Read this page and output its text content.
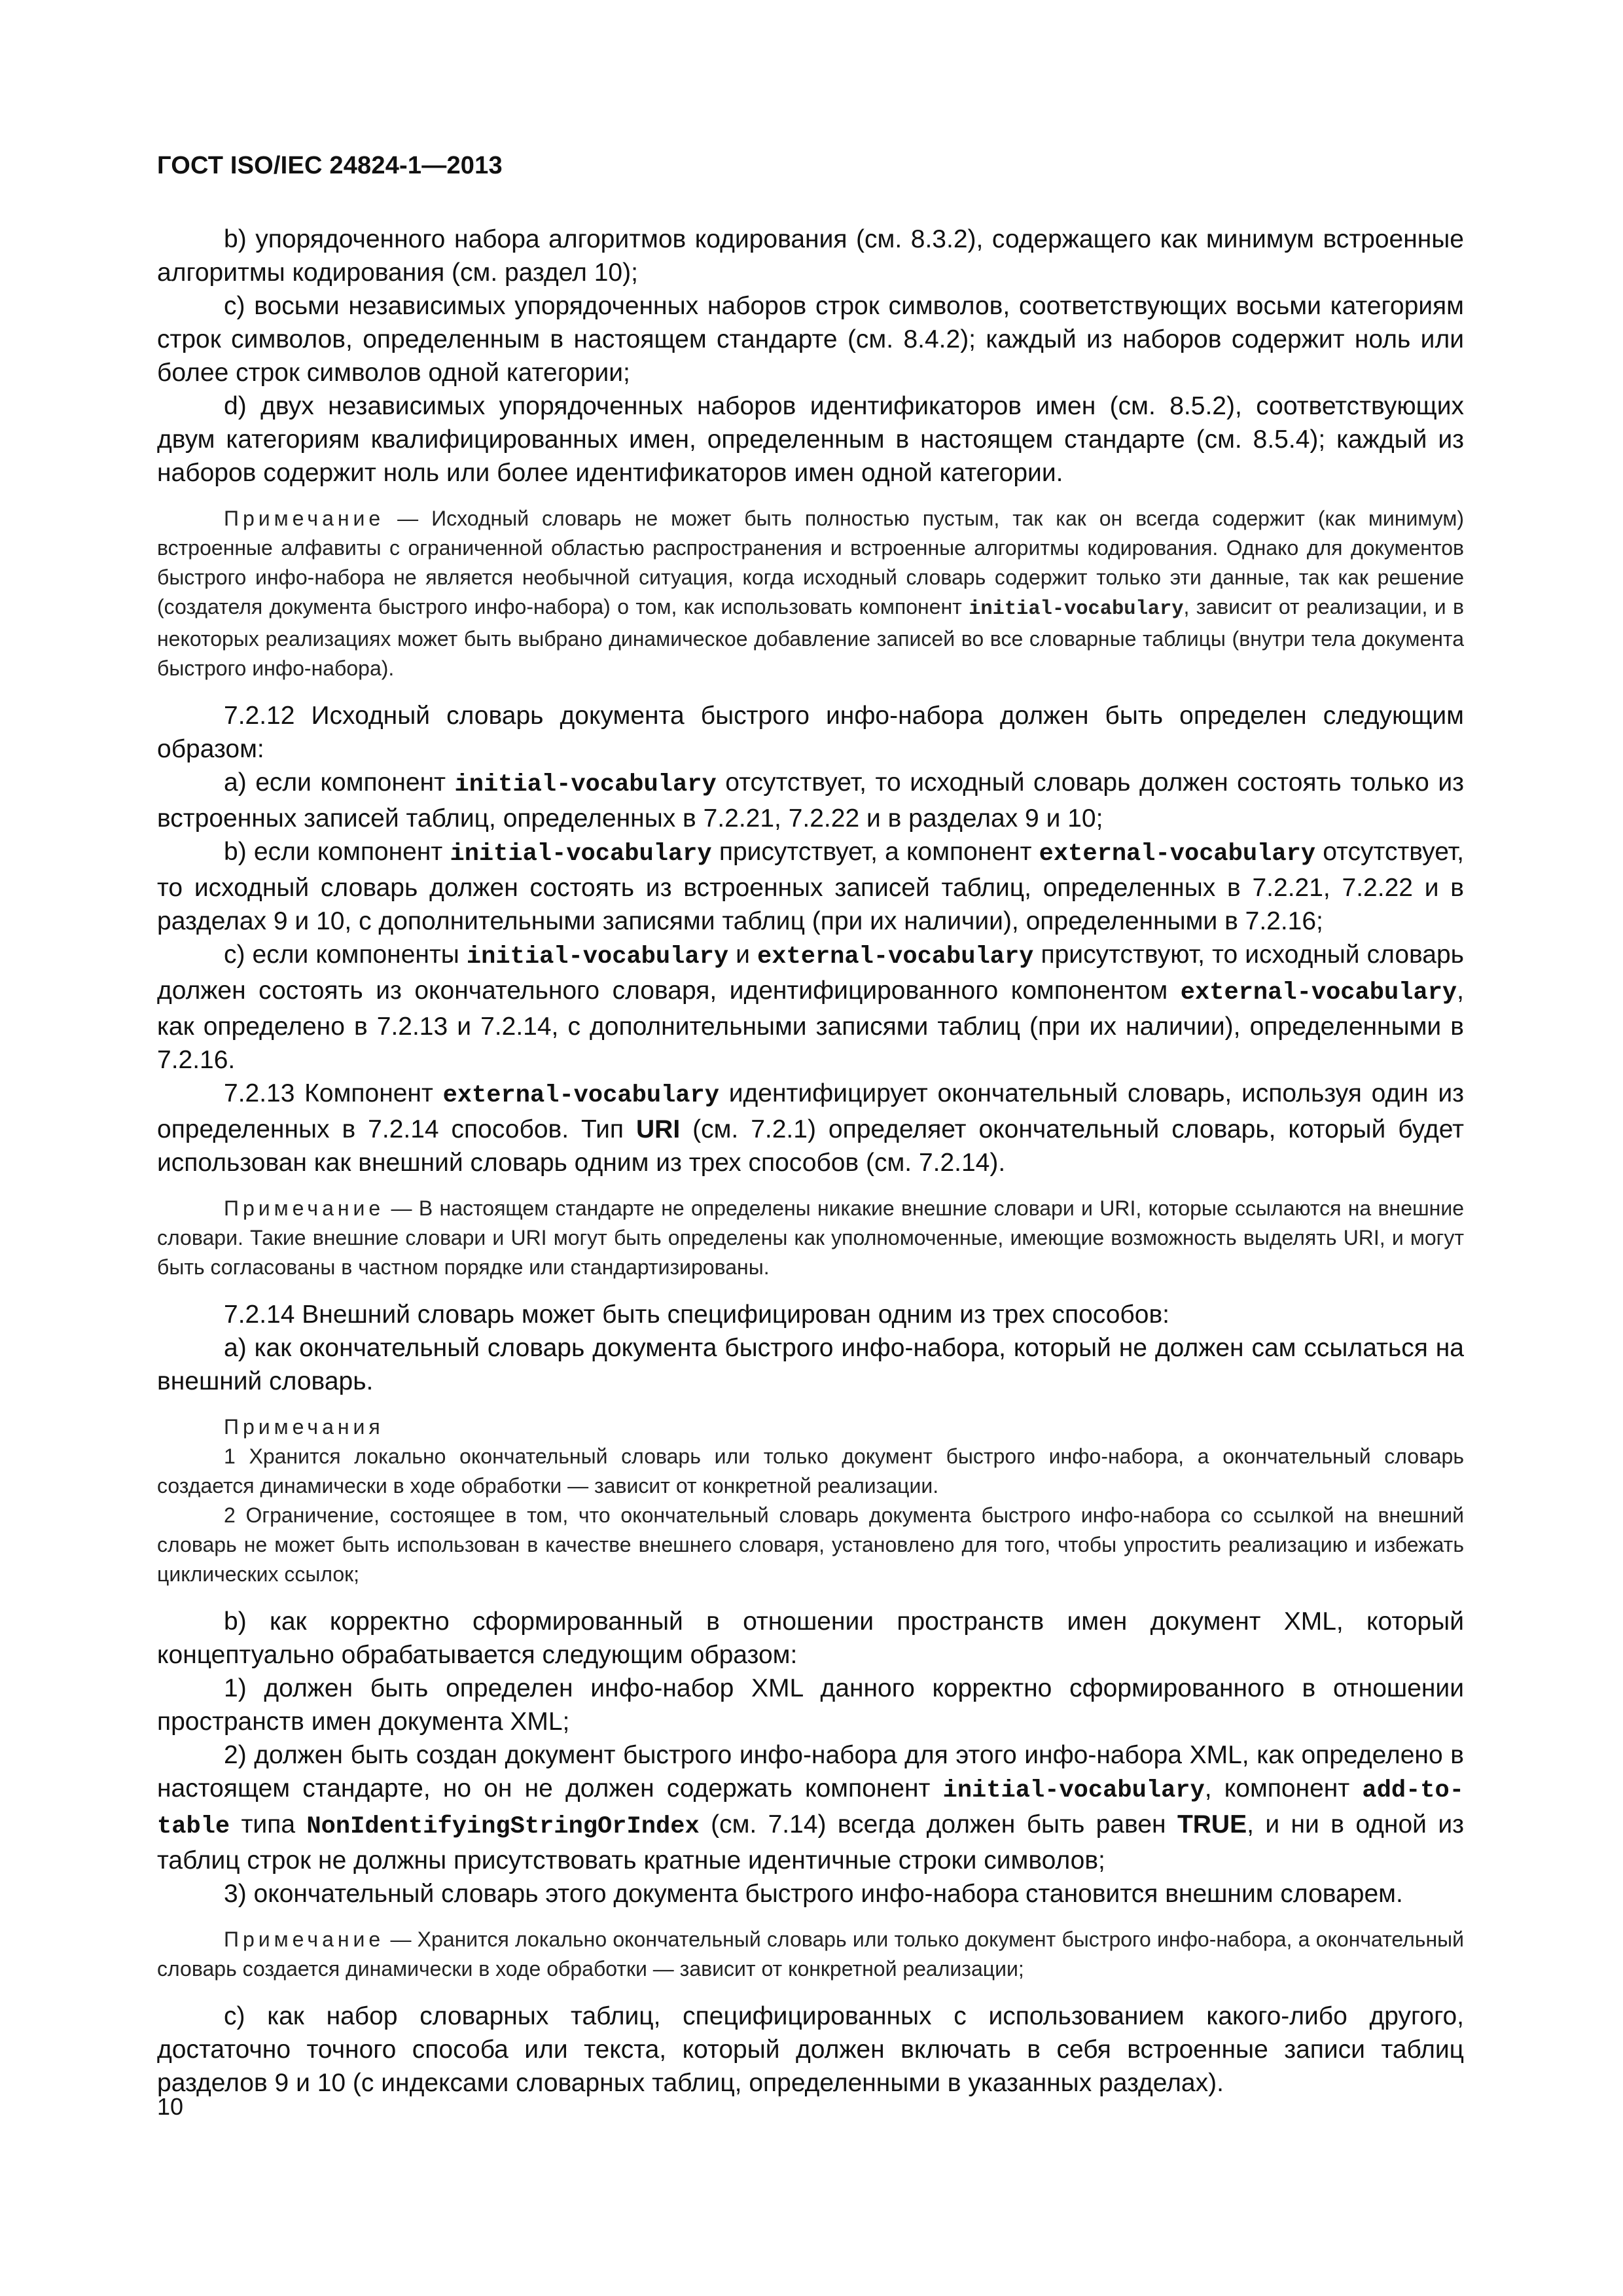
ГОСТ ISO/IEC 24824-1—2013

b) упорядоченного набора алгоритмов кодирования (см. 8.3.2), содержащего как минимум встроенные алгоритмы кодирования (см. раздел 10);

c) восьми независимых упорядоченных наборов строк символов, соответствующих восьми категориям строк символов, определенным в настоящем стандарте (см. 8.4.2); каждый из наборов содержит ноль или более строк символов одной категории;

d) двух независимых упорядоченных наборов идентификаторов имен (см. 8.5.2), соответствующих двум категориям квалифицированных имен, определенным в настоящем стандарте (см. 8.5.4); каждый из наборов содержит ноль или более идентификаторов имен одной категории.

Примечание — Исходный словарь не может быть полностью пустым, так как он всегда содержит (как минимум) встроенные алфавиты с ограниченной областью распространения и встроенные алгоритмы кодирования. Однако для документов быстрого инфо-набора не является необычной ситуация, когда исходный словарь содержит только эти данные, так как решение (создателя документа быстрого инфо-набора) о том, как использовать компонент initial-vocabulary, зависит от реализации, и в некоторых реализациях может быть выбрано динамическое добавление записей во все словарные таблицы (внутри тела документа быстрого инфо-набора).

7.2.12 Исходный словарь документа быстрого инфо-набора должен быть определен следующим образом:

a) если компонент initial-vocabulary отсутствует, то исходный словарь должен состоять только из встроенных записей таблиц, определенных в 7.2.21, 7.2.22 и в разделах 9 и 10;

b) если компонент initial-vocabulary присутствует, а компонент external-vocabulary отсутствует, то исходный словарь должен состоять из встроенных записей таблиц, определенных в 7.2.21, 7.2.22 и в разделах 9 и 10, с дополнительными записями таблиц (при их наличии), определенными в 7.2.16;

c) если компоненты initial-vocabulary и external-vocabulary присутствуют, то исходный словарь должен состоять из окончательного словаря, идентифицированного компонентом external-vocabulary, как определено в 7.2.13 и 7.2.14, с дополнительными записями таблиц (при их наличии), определенными в 7.2.16.

7.2.13 Компонент external-vocabulary идентифицирует окончательный словарь, используя один из определенных в 7.2.14 способов. Тип URI (см. 7.2.1) определяет окончательный словарь, который будет использован как внешний словарь одним из трех способов (см. 7.2.14).

Примечание — В настоящем стандарте не определены никакие внешние словари и URI, которые ссылаются на внешние словари. Такие внешние словари и URI могут быть определены как уполномоченные, имеющие возможность выделять URI, и могут быть согласованы в частном порядке или стандартизированы.

7.2.14 Внешний словарь может быть специфицирован одним из трех способов:

a) как окончательный словарь документа быстрого инфо-набора, который не должен сам ссылаться на внешний словарь.

Примечания

1 Хранится локально окончательный словарь или только документ быстрого инфо-набора, а окончательный словарь создается динамически в ходе обработки — зависит от конкретной реализации.

2 Ограничение, состоящее в том, что окончательный словарь документа быстрого инфо-набора со ссылкой на внешний словарь не может быть использован в качестве внешнего словаря, установлено для того, чтобы упростить реализацию и избежать циклических ссылок;

b) как корректно сформированный в отношении пространств имен документ XML, который концептуально обрабатывается следующим образом:

1) должен быть определен инфо-набор XML данного корректно сформированного в отношении пространств имен документа XML;

2) должен быть создан документ быстрого инфо-набора для этого инфо-набора XML, как определено в настоящем стандарте, но он не должен содержать компонент initial-vocabulary, компонент add-to-table типа NonIdentifyingStringOrIndex (см. 7.14) всегда должен быть равен TRUE, и ни в одной из таблиц строк не должны присутствовать кратные идентичные строки символов;

3) окончательный словарь этого документа быстрого инфо-набора становится внешним словарем.

Примечание — Хранится локально окончательный словарь или только документ быстрого инфо-набора, а окончательный словарь создается динамически в ходе обработки — зависит от конкретной реализации;

c) как набор словарных таблиц, специфицированных с использованием какого-либо другого, достаточно точного способа или текста, который должен включать в себя встроенные записи таблиц разделов 9 и 10 (с индексами словарных таблиц, определенными в указанных разделах).

10
